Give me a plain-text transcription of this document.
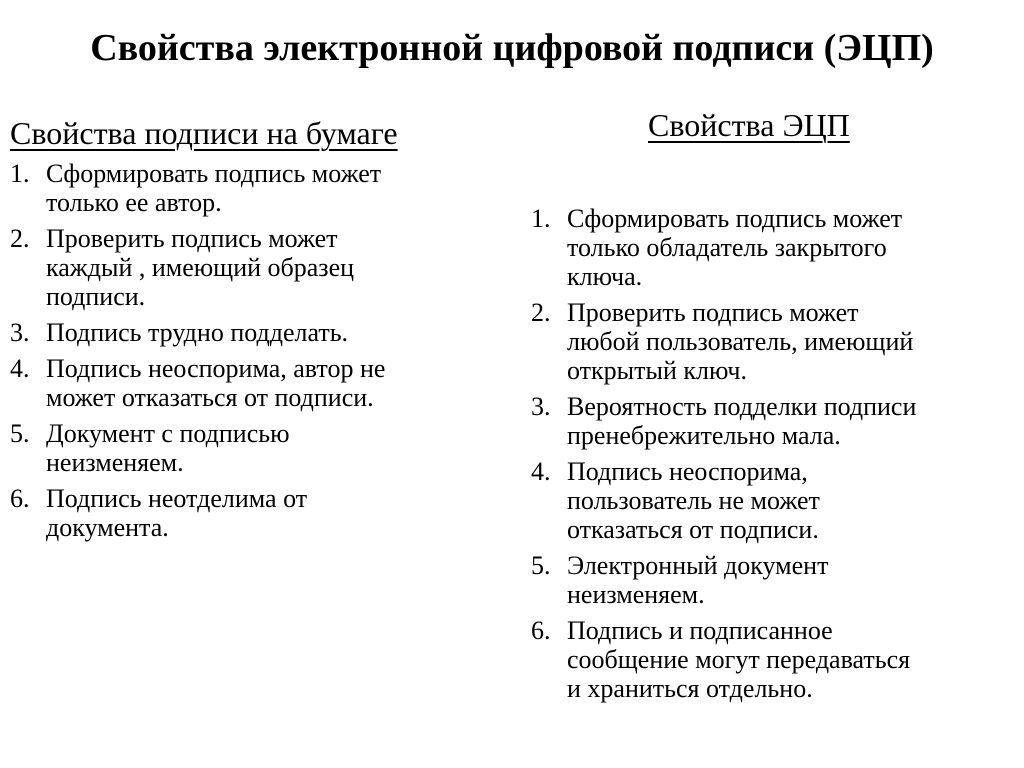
Свойства электронной цифровой подписи (ЭЦП)
Свойства подписи на бумаге	Свойства ЭЦП
1. Сформировать подпись может
только ее автор.
2. Проверить подпись может
каждый , имеющий образец
подписи.
3. Подпись трудно подделать.
4. Подпись неоспорима, автор не
может отказаться от подписи.
5. Документ с подписью
неизменяем.
6. Подпись неотделима от
документа.
1. Сформировать подпись может
только обладатель закрытого
ключа.
2. Проверить подпись может
любой пользователь, имеющий
открытый ключ.
3. Вероятность подделки подписи
пренебрежительно мала.
4. Подпись неоспорима,
пользователь не может
отказаться от подписи.
5. Электронный документ
неизменяем.
6. Подпись и подписанное
сообщение могут передаваться
и храниться отдельно.
